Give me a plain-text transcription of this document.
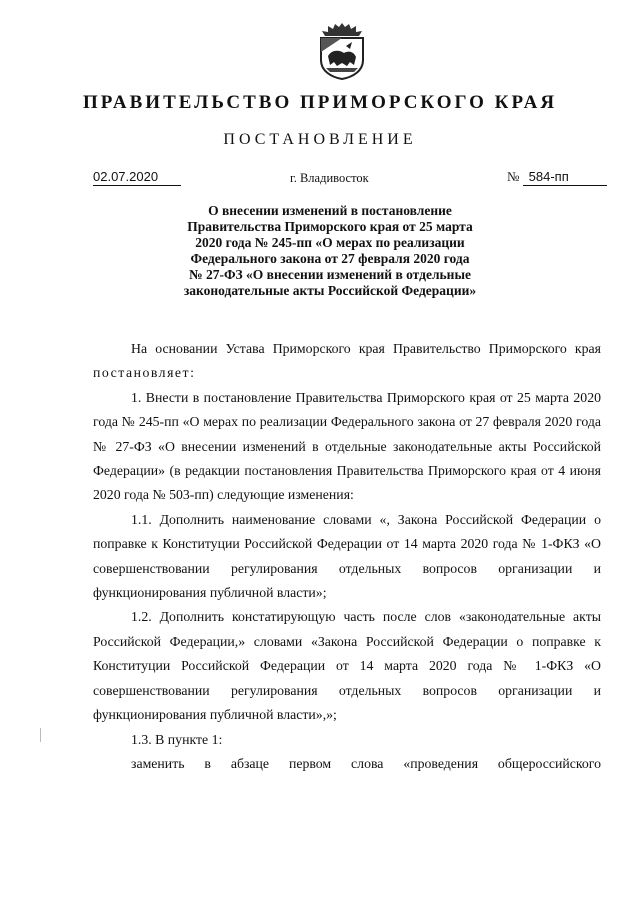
ПРАВИТЕЛЬСТВО ПРИМОРСКОГО КРАЯ
ПОСТАНОВЛЕНИЕ
02.07.2020	г. Владивосток	№ 584-пп
О внесении изменений в постановление
Правительства Приморского края от 25 марта
2020 года № 245-пп «О мерах по реализации
Федерального закона от 27 февраля 2020 года
№ 27-ФЗ «О внесении изменений в отдельные
законодательные акты Российской Федерации»

На основании Устава Приморского края Правительство Приморского края постановляет:

1. Внести в постановление Правительства Приморского края от 25 марта 2020 года № 245-пп «О мерах по реализации Федерального закона от 27 февраля 2020 года № 27-ФЗ «О внесении изменений в отдельные законодательные акты Российской Федерации» (в редакции постановления Правительства Приморского края от 4 июня 2020 года № 503-пп) следующие изменения:

1.1. Дополнить наименование словами «, Закона Российской Федерации о поправке к Конституции Российской Федерации от 14 марта 2020 года № 1-ФКЗ «О совершенствовании регулирования отдельных вопросов организации и функционирования публичной власти»;

1.2. Дополнить констатирующую часть после слов «законодательные акты Российской Федерации,» словами «Закона Российской Федерации о поправке к Конституции Российской Федерации от 14 марта 2020 года № 1-ФКЗ «О совершенствовании регулирования отдельных вопросов организации и функционирования публичной власти»,»;

1.3. В пункте 1:

заменить в абзаце первом слова «проведения общероссийского
